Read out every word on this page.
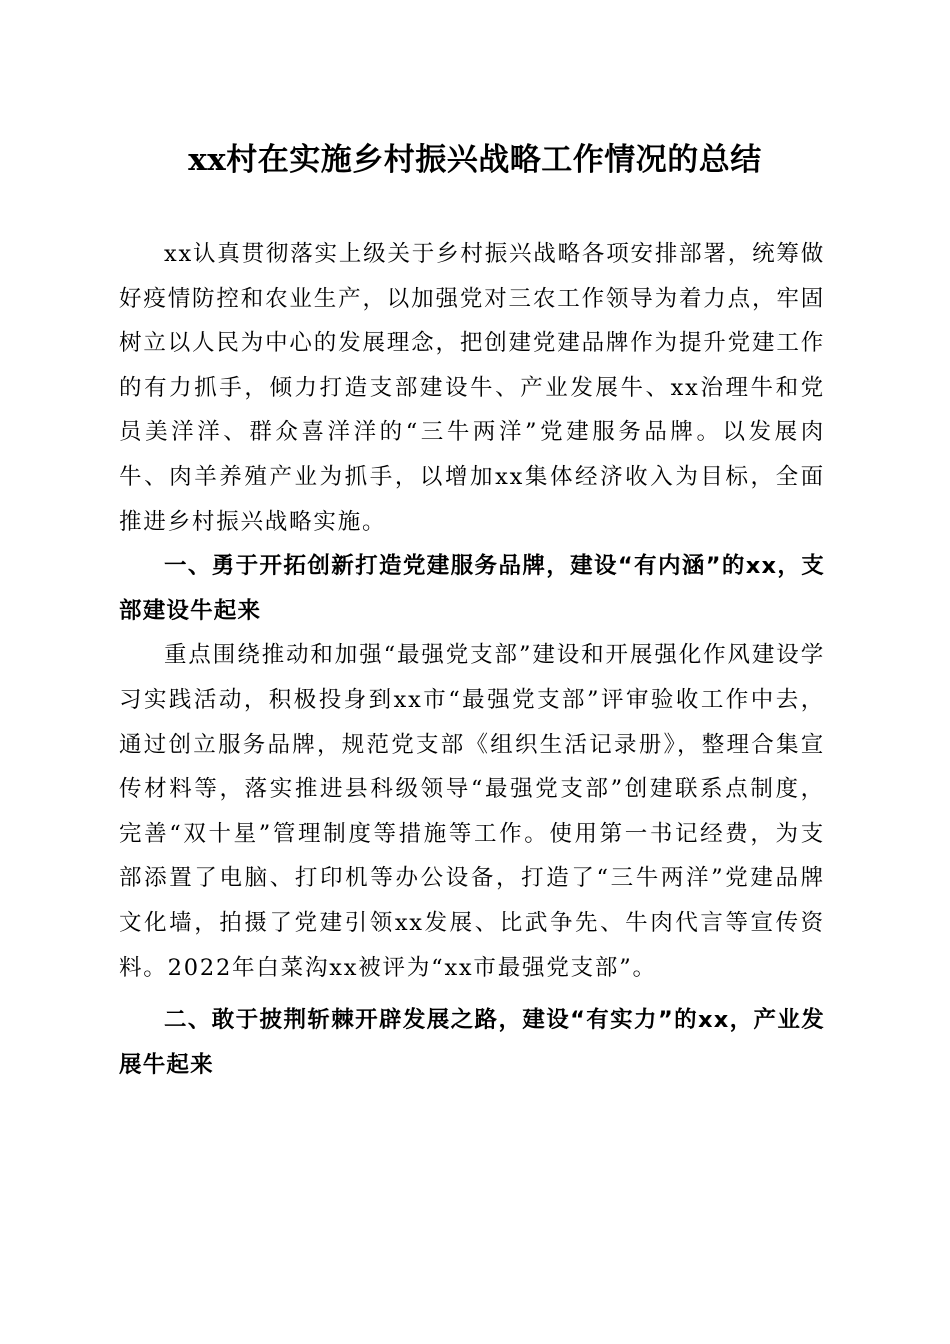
xx村在实施乡村振兴战略工作情况的总结

xx认真贯彻落实上级关于乡村振兴战略各项安排部署，统筹做好疫情防控和农业生产，以加强党对三农工作领导为着力点，牢固树立以人民为中心的发展理念，把创建党建品牌作为提升党建工作的有力抓手，倾力打造支部建设牛、产业发展牛、xx治理牛和党员美洋洋、群众喜洋洋的“三牛两洋”党建服务品牌。以发展肉牛、肉羊养殖产业为抓手，以增加xx集体经济收入为目标，全面推进乡村振兴战略实施。

一、勇于开拓创新打造党建服务品牌，建设“有内涵”的xx，支部建设牛起来

重点围绕推动和加强“最强党支部”建设和开展强化作风建设学习实践活动，积极投身到xx市“最强党支部”评审验收工作中去，通过创立服务品牌，规范党支部《组织生活记录册》，整理合集宣传材料等，落实推进县科级领导“最强党支部”创建联系点制度，完善“双十星”管理制度等措施等工作。使用第一书记经费，为支部添置了电脑、打印机等办公设备，打造了“三牛两洋”党建品牌文化墙，拍摄了党建引领xx发展、比武争先、牛肉代言等宣传资料。2022年白菜沟xx被评为“xx市最强党支部”。

二、敢于披荆斩棘开辟发展之路，建设“有实力”的xx，产业发展牛起来
